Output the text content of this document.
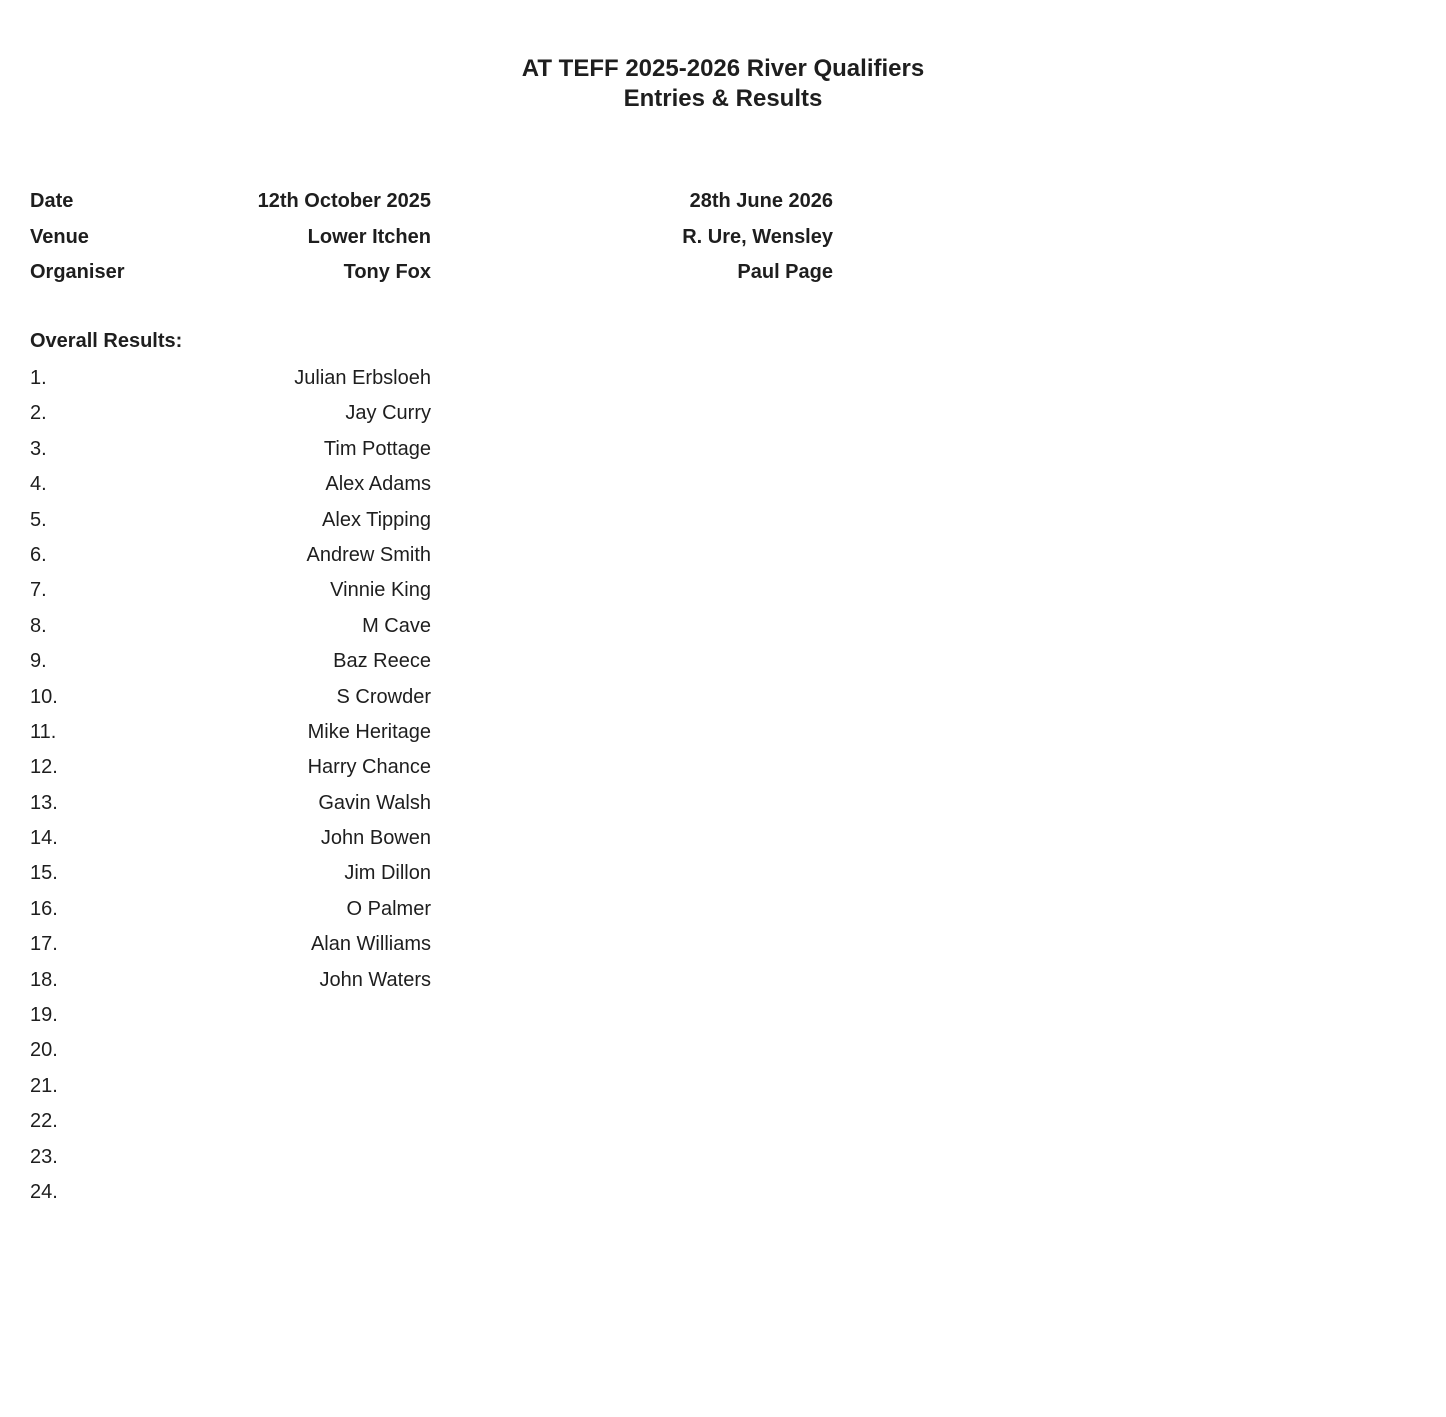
AT TEFF 2025-2026 River Qualifiers
Entries & Results
Date	12th October 2025	28th June 2026
Venue	Lower Itchen	R. Ure, Wensley
Organiser	Tony Fox	Paul Page
Overall Results:
1.	Julian Erbsloeh
2.	Jay Curry
3.	Tim Pottage
4.	Alex Adams
5.	Alex Tipping
6.	Andrew Smith
7.	Vinnie King
8.	M Cave
9.	Baz Reece
10.	S Crowder
11.	Mike Heritage
12.	Harry Chance
13.	Gavin Walsh
14.	John Bowen
15.	Jim Dillon
16.	O Palmer
17.	Alan Williams
18.	John Waters
19.
20.
21.
22.
23.
24.
